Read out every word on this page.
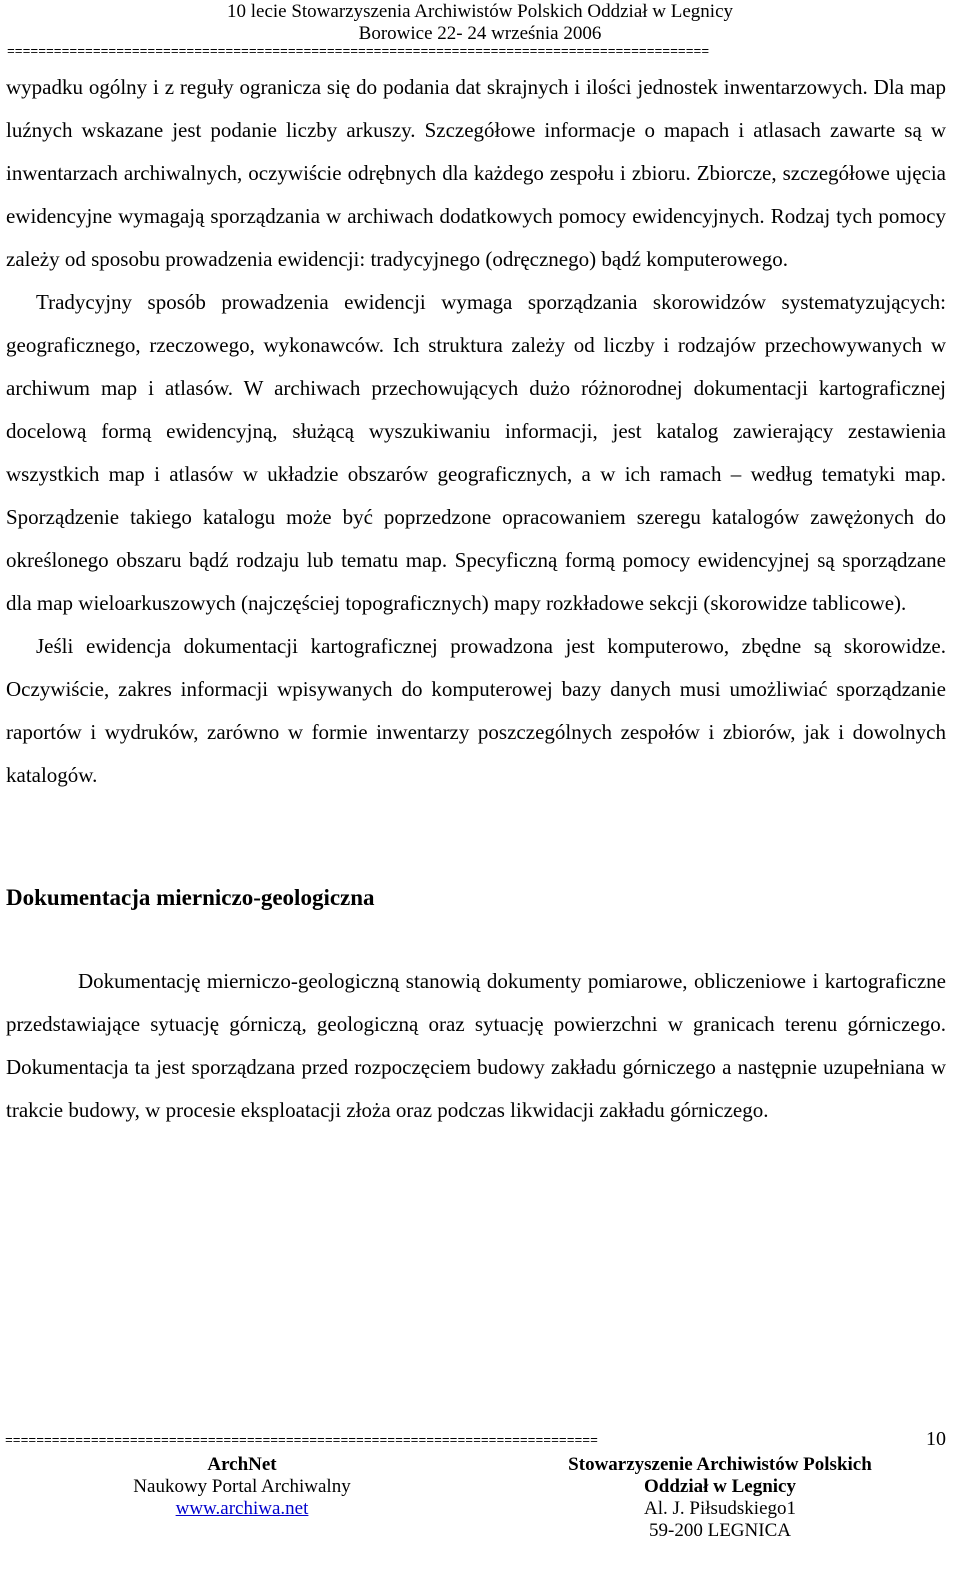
10 lecie Stowarzyszenia Archiwistów Polskich Oddział w Legnicy
Borowice 22- 24 września 2006
==========================================================================================

wypadku ogólny i z reguły ogranicza się do podania dat skrajnych i ilości jednostek inwentarzowych. Dla map luźnych wskazane jest podanie liczby arkuszy. Szczegółowe informacje o mapach i atlasach zawarte są w inwentarzach archiwalnych, oczywiście odrębnych dla każdego zespołu i zbioru. Zbiorcze, szczegółowe ujęcia ewidencyjne wymagają sporządzania w archiwach dodatkowych pomocy ewidencyjnych. Rodzaj tych pomocy zależy od sposobu prowadzenia ewidencji: tradycyjnego (odręcznego) bądź komputerowego.

Tradycyjny sposób prowadzenia ewidencji wymaga sporządzania skorowidzów systematyzujących: geograficznego, rzeczowego, wykonawców. Ich struktura zależy od liczby i rodzajów przechowywanych w archiwum map i atlasów. W archiwach przechowujących dużo różnorodnej dokumentacji kartograficznej docelową formą ewidencyjną, służącą wyszukiwaniu informacji, jest katalog zawierający zestawienia wszystkich map i atlasów w układzie obszarów geograficznych, a w ich ramach – według tematyki map. Sporządzenie takiego katalogu może być poprzedzone opracowaniem szeregu katalogów zawężonych do określonego obszaru bądź rodzaju lub tematu map. Specyficzną formą pomocy ewidencyjnej są sporządzane dla map wieloarkuszowych (najczęściej topograficznych) mapy rozkładowe sekcji (skorowidze tablicowe).

Jeśli ewidencja dokumentacji kartograficznej prowadzona jest komputerowo, zbędne są skorowidze. Oczywiście, zakres informacji wpisywanych do komputerowej bazy danych musi umożliwiać sporządzanie raportów i wydruków, zarówno w formie inwentarzy poszczególnych zespołów i zbiorów, jak i dowolnych katalogów.

Dokumentacja mierniczo-geologiczna

Dokumentację mierniczo-geologiczną stanowią dokumenty pomiarowe, obliczeniowe i kartograficzne przedstawiające sytuację górniczą, geologiczną oraz sytuację powierzchni w granicach terenu górniczego. Dokumentacja ta jest sporządzana przed rozpoczęciem budowy zakładu górniczego a następnie uzupełniana w trakcie budowy, w procesie eksploatacji złoża oraz podczas likwidacji zakładu górniczego.

============================================================================	10
ArchNet
Naukowy Portal Archiwalny
www.archiwa.net
Stowarzyszenie Archiwistów Polskich
Oddział w Legnicy
Al. J. Piłsudskiego1
59-200 LEGNICA
